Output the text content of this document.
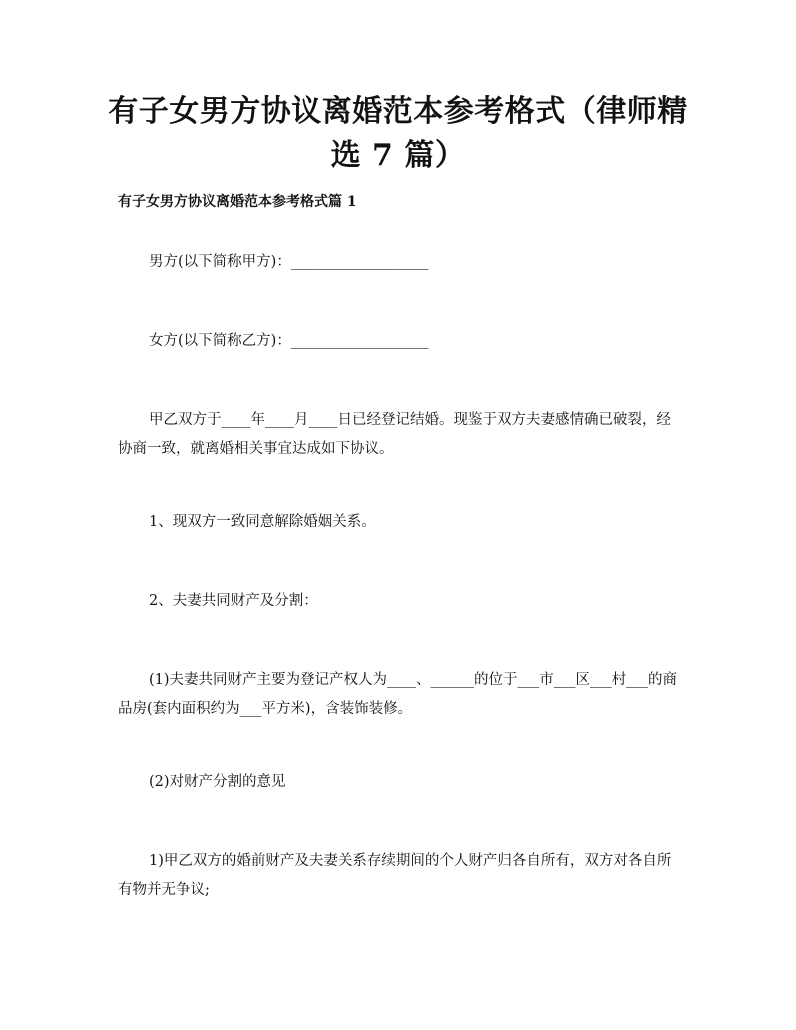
有子女男方协议离婚范本参考格式（律师精
选 7 篇）
有子女男方协议离婚范本参考格式篇 1

男方(以下简称甲方)：___________________

女方(以下简称乙方)：___________________

甲乙双方于____年____月____日已经登记结婚。现鉴于双方夫妻感情确已破裂，经协商一致，就离婚相关事宜达成如下协议。

1、现双方一致同意解除婚姻关系。

2、夫妻共同财产及分割：

(1)夫妻共同财产主要为登记产权人为____、______的位于___市___区___村___的商品房(套内面积约为___平方米)，含装饰装修。

(2)对财产分割的意见

1)甲乙双方的婚前财产及夫妻关系存续期间的个人财产归各自所有，双方对各自所有物并无争议;
